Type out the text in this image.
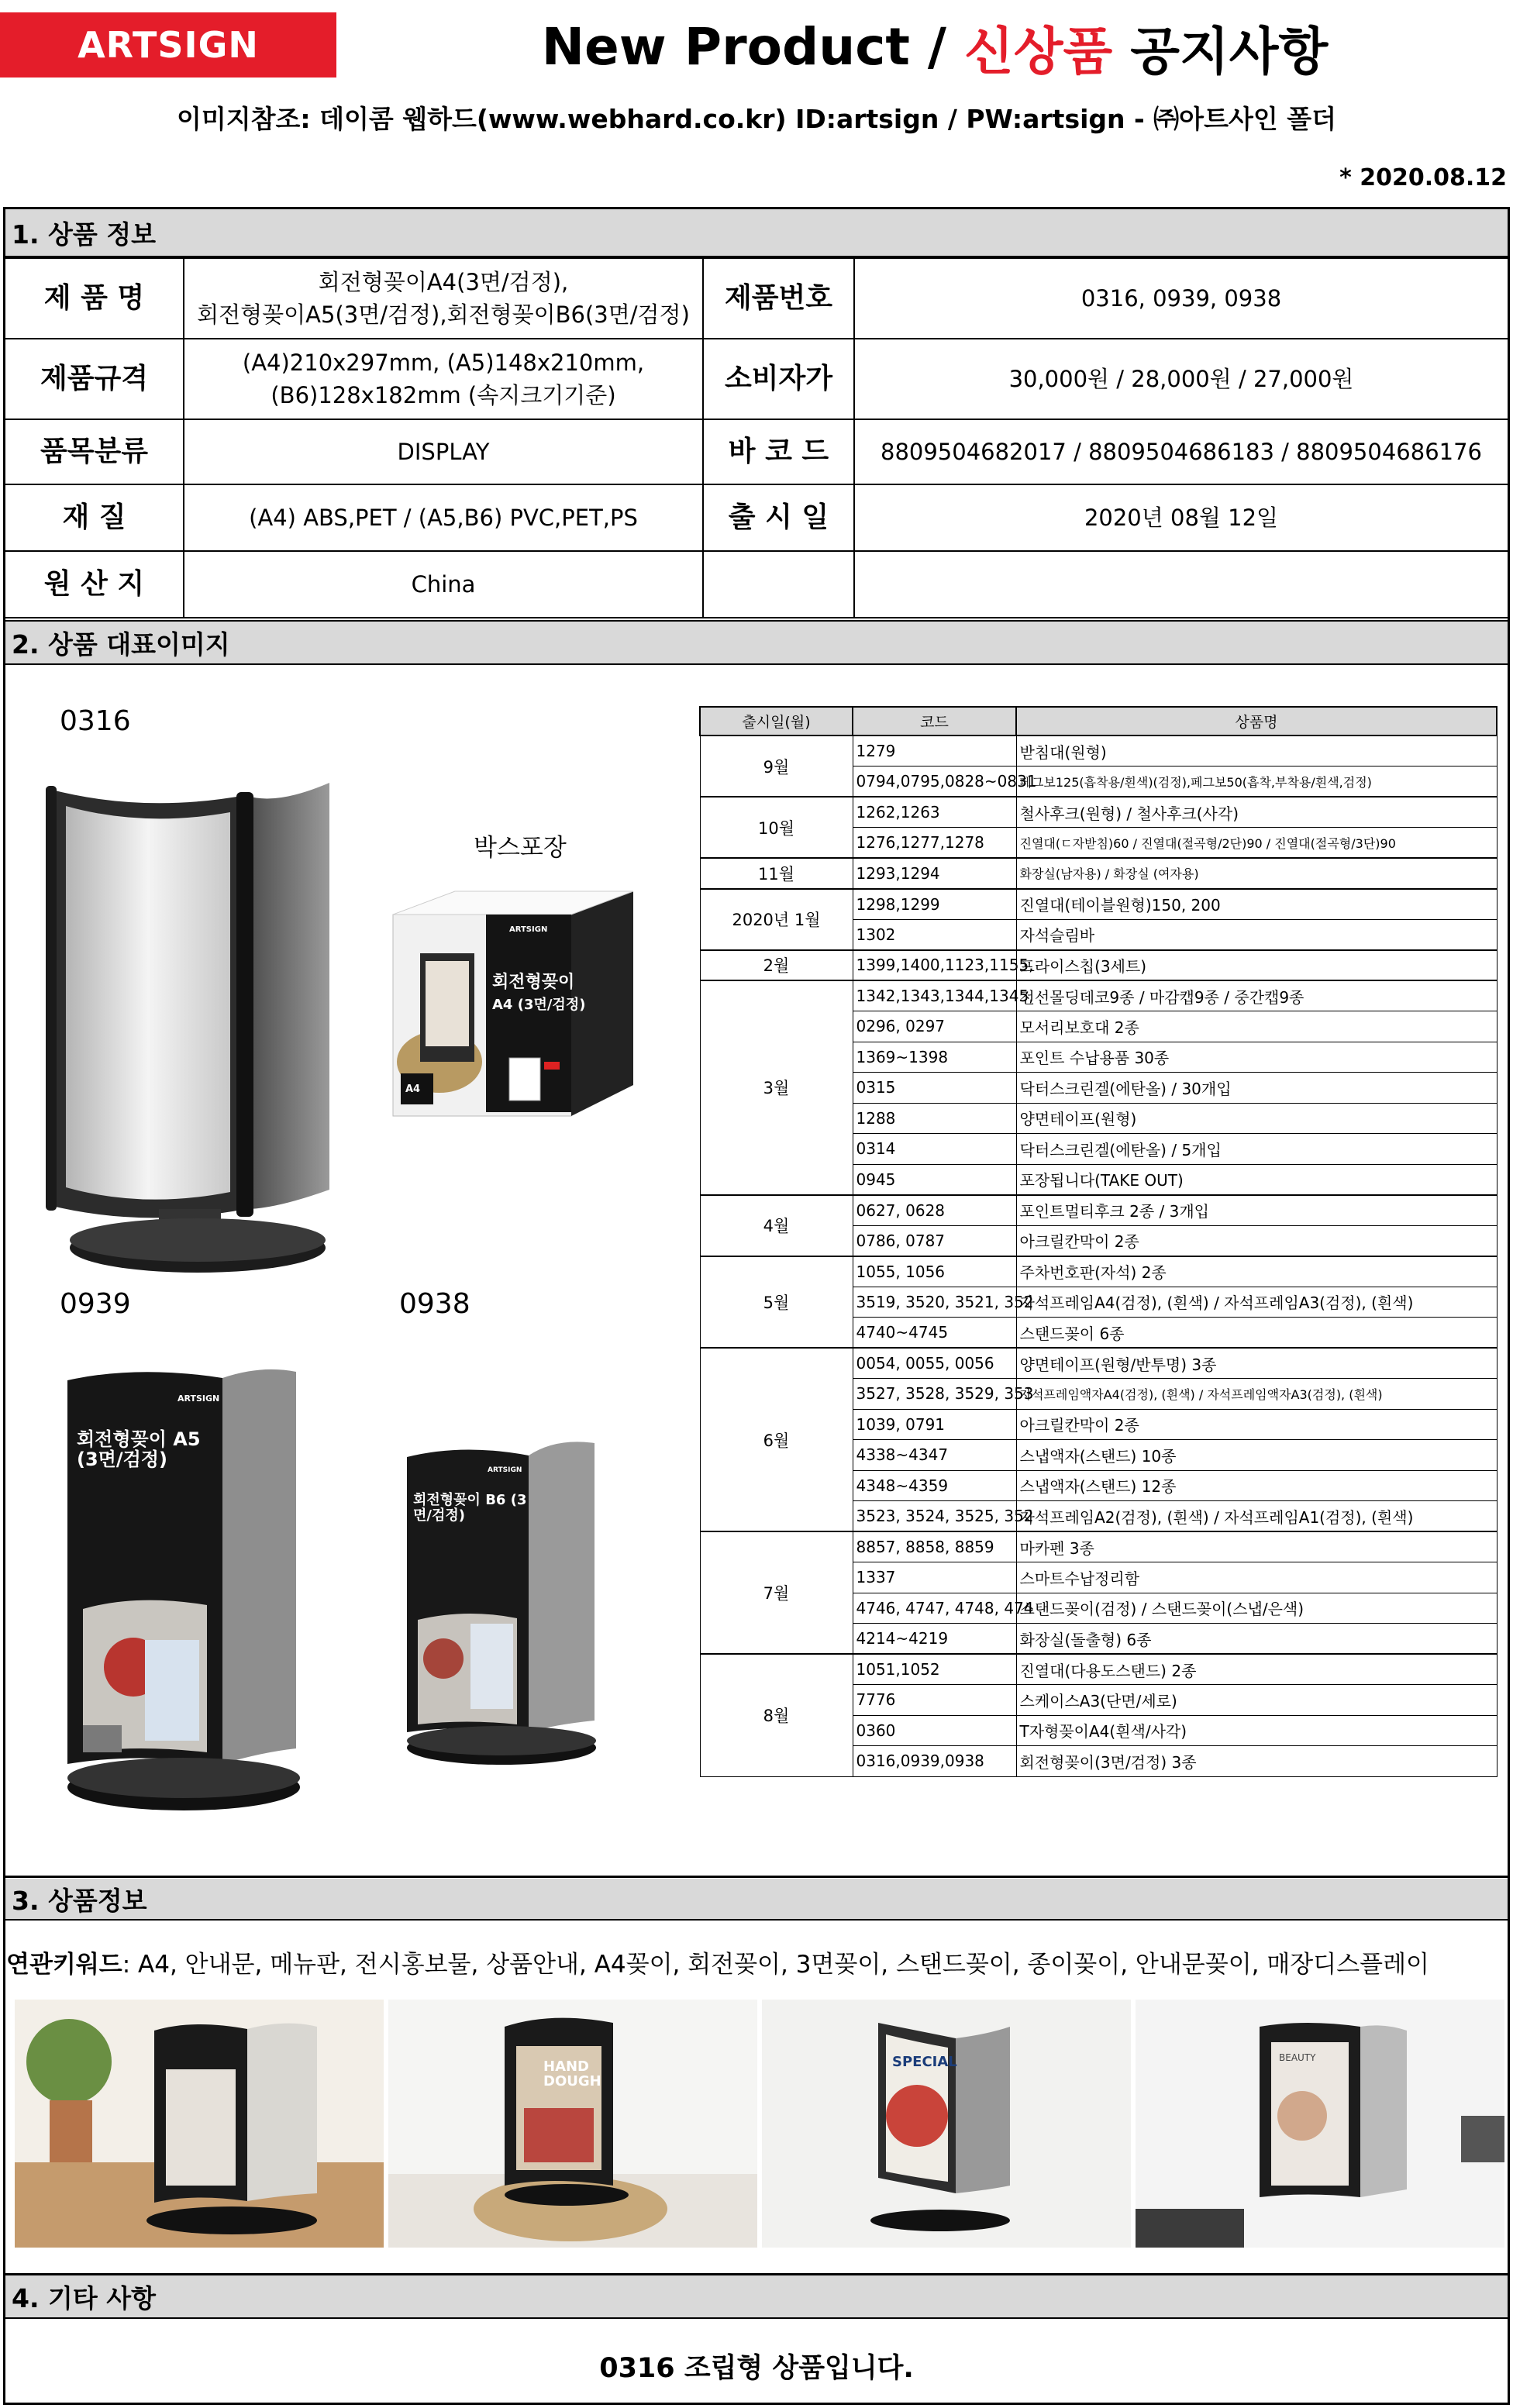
ARTSIGN	New Product /
신상품
공지사항
이미지참조: 데이콤 웹하드(www.webhard.co.kr) ID:artsign / PW:artsign - ㈜아트사인 폴더
* 2020.08.12
1. 상품 정보
제 품 명	회전형꽂이A4(3면/검정),
회전형꽂이A5(3면/검정),회전형꽂이B6(3면/검정)	제품번호	0316, 0939, 0938
제품규격	(A4)210x297mm, (A5)148x210mm,
(B6)128x182mm (속지크기기준)	소비자가	30,000원 / 28,000원 / 27,000원
품목분류	DISPLAY	바 코 드	8809504682017 / 8809504686183 / 8809504686176
재 질	(A4) ABS,PET / (A5,B6) PVC,PET,PS	출 시 일	2020년 08월 12일
원 산 지	China		
2. 상품 대표이미지
0316
박스포장
0939	0938
ARTSIGN
회전형꽂이
A4 (3면/검정)
A4
ARTSIGN
회전형꽂이 A5 (3면/검정)	ARTSIGN
회전형꽂이 B6 (3면/검정)
3. 상품정보
HAND DOUGH
SPECIAL	BEAUTY
4. 기타 사항
0316 조립형 상품입니다.
연관키워드: A4, 안내문, 메뉴판, 전시홍보물, 상품안내, A4꽂이, 회전꽂이, 3면꽂이, 스탠드꽂이, 종이꽂이, 안내문꽂이, 매장디스플레이
출시일(월)	코드	상품명
9월	1279	받침대(원형)
	0794,0795,0828~0831	페그보125(흡착용/흰색)(검정),페그보50(흡착,부착용/흰색,검정)
10월	1262,1263	철사후크(원형) / 철사후크(사각)
	1276,1277,1278	진열대(ㄷ자받침)60 / 진열대(절곡형/2단)90 / 진열대(절곡형/3단)90
11월	1293,1294	화장실(남자용) / 화장실 (여자용)
2020년 1월	1298,1299	진열대(테이블원형)150, 200
	1302	자석슬림바
2월	1399,1400,1123,1155,	프라이스칩(3세트)
3월	1342,1343,1344,1345,	전선몰딩데코9종 / 마감캡9종 / 중간캡9종
	0296, 0297	모서리보호대 2종
	1369~1398	포인트 수납용품 30종
	0315	닥터스크린겔(에탄올) / 30개입
	1288	양면테이프(원형)
	0314	닥터스크린겔(에탄올) / 5개입
	0945	포장됩니다(TAKE OUT)
4월	0627, 0628	포인트멀티후크 2종 / 3개입
	0786, 0787	아크릴칸막이 2종
5월	1055, 1056	주차번호판(자석) 2종
	3519, 3520, 3521, 352	자석프레임A4(검정), (흰색) / 자석프레임A3(검정), (흰색)
	4740~4745	스탠드꽂이 6종
6월	0054, 0055, 0056	양면테이프(원형/반투명) 3종
	3527, 3528, 3529, 353	자석프레임액자A4(검정), (흰색) / 자석프레임액자A3(검정), (흰색)
	1039, 0791	아크릴칸막이 2종
	4338~4347	스냅액자(스탠드) 10종
	4348~4359	스냅액자(스탠드) 12종
	3523, 3524, 3525, 352	자석프레임A2(검정), (흰색) / 자석프레임A1(검정), (흰색)
7월	8857, 8858, 8859	마카펜 3종
	1337	스마트수납정리함
	4746, 4747, 4748, 474	스탠드꽂이(검정) / 스탠드꽂이(스냅/은색)
	4214~4219	화장실(돌출형) 6종
8월	1051,1052	진열대(다용도스탠드) 2종
	7776	스케이스A3(단면/세로)
	0360	T자형꽂이A4(흰색/사각)
	0316,0939,0938	회전형꽂이(3면/검정) 3종
